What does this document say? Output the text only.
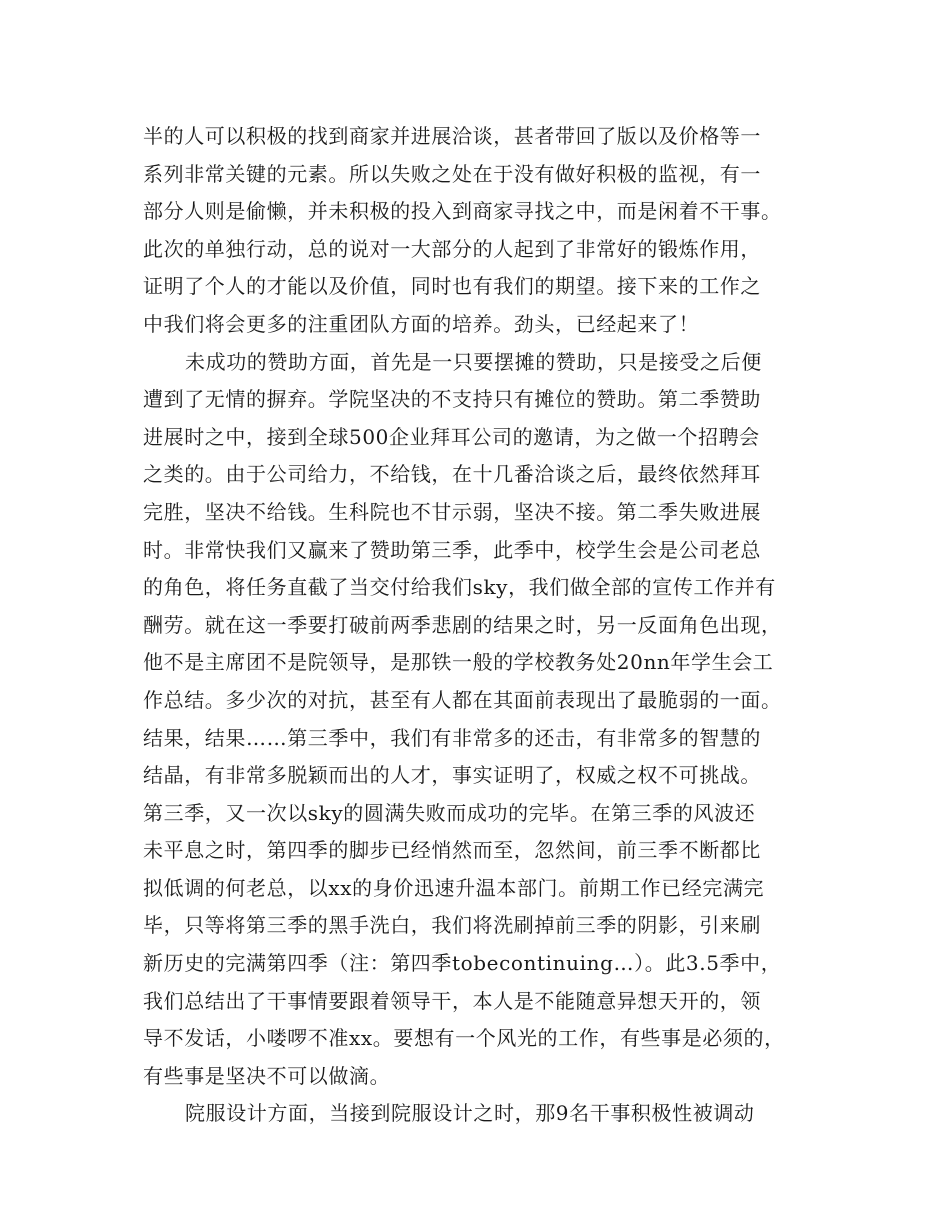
半的人可以积极的找到商家并进展洽谈，甚者带回了版以及价格等一
系列非常关键的元素。所以失败之处在于没有做好积极的监视，有一
部分人则是偷懒，并未积极的投入到商家寻找之中，而是闲着不干事。
此次的单独行动，总的说对一大部分的人起到了非常好的锻炼作用，
证明了个人的才能以及价值，同时也有我们的期望。接下来的工作之
中我们将会更多的注重团队方面的培养。劲头，已经起来了！
未成功的赞助方面，首先是一只要摆摊的赞助，只是接受之后便
遭到了无情的摒弃。学院坚决的不支持只有摊位的赞助。第二季赞助
进展时之中，接到全球500企业拜耳公司的邀请，为之做一个招聘会
之类的。由于公司给力，不给钱，在十几番洽谈之后，最终依然拜耳
完胜，坚决不给钱。生科院也不甘示弱，坚决不接。第二季失败进展
时。非常快我们又赢来了赞助第三季，此季中，校学生会是公司老总
的角色，将任务直截了当交付给我们sky，我们做全部的宣传工作并有
酬劳。就在这一季要打破前两季悲剧的结果之时，另一反面角色出现，
他不是主席团不是院领导，是那铁一般的学校教务处20nn年学生会工
作总结。多少次的对抗，甚至有人都在其面前表现出了最脆弱的一面。
结果，结果……第三季中，我们有非常多的还击，有非常多的智慧的
结晶，有非常多脱颖而出的人才，事实证明了，权威之权不可挑战。
第三季，又一次以sky的圆满失败而成功的完毕。在第三季的风波还
未平息之时，第四季的脚步已经悄然而至，忽然间，前三季不断都比
拟低调的何老总，以xx的身价迅速升温本部门。前期工作已经完满完
毕，只等将第三季的黑手洗白，我们将洗刷掉前三季的阴影，引来刷
新历史的完满第四季（注：第四季tobecontinuing…）。此3.5季中，
我们总结出了干事情要跟着领导干，本人是不能随意异想天开的，领
导不发话，小喽啰不准xx。要想有一个风光的工作，有些事是必须的，
有些事是坚决不可以做滴。
院服设计方面，当接到院服设计之时，那9名干事积极性被调动
